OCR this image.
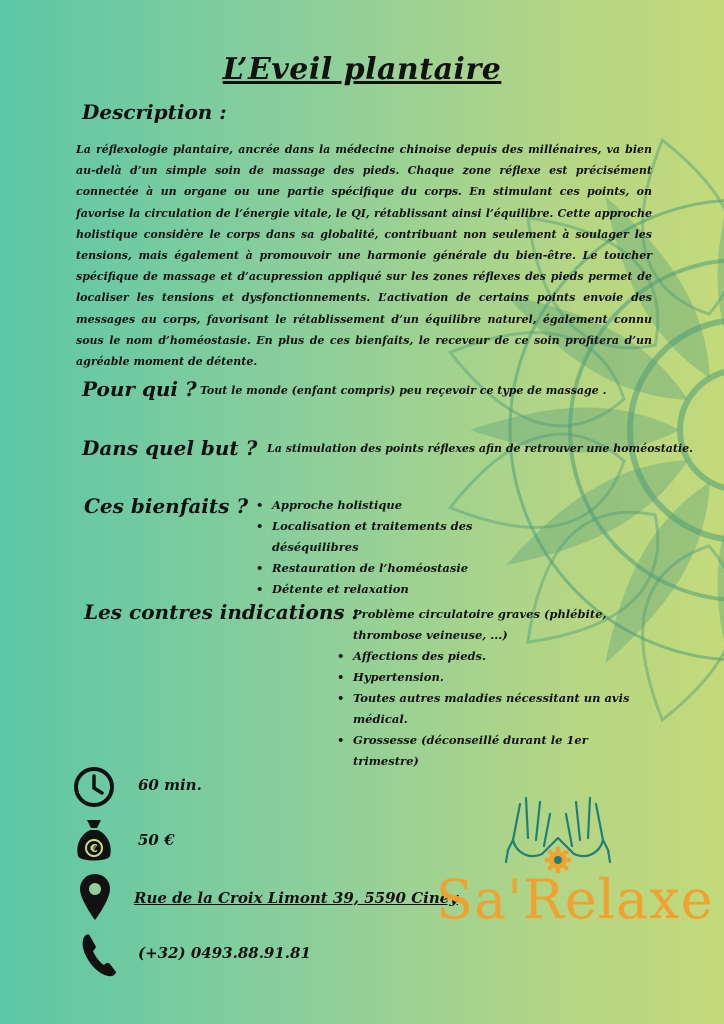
L’Eveil plantaire
Description :
La réflexologie plantaire, ancrée dans la médecine chinoise depuis des millénaires, va bien au-delà d’un simple soin de massage des pieds. Chaque zone réflexe est précisément connectée à un organe ou une partie spécifique du corps. En stimulant ces points, on favorise la circulation de l’énergie vitale, le QI, rétablissant ainsi l’équilibre. Cette approche holistique considère le corps dans sa globalité, contribuant non seulement à soulager les tensions, mais également à promouvoir une harmonie générale du bien-être. Le toucher spécifique de massage et d’acupression appliqué sur les zones réflexes des pieds permet de localiser les tensions et dysfonctionnements. L’activation de certains points envoie des messages au corps, favorisant le rétablissement d’un équilibre naturel, également connu sous le nom d’homéostasie. En plus de ces bienfaits, le receveur de ce soin profitera d’un agréable moment de détente.
Pour qui ? Tout le monde (enfant compris) peu reçevoir ce type de massage .
Dans quel but ? La stimulation des points réflexes afin de retrouver une homéostatie.
Ces bienfaits ?
•	Approche holistique
• Localisation et traitements des déséquilibres
• Restauration de l’homéostasie
• Détente et relaxation
Les contres indications :
• Problème circulatoire graves (phlébite, thrombose veineuse, ...)
• Affections des pieds.
• Hypertension.
• Toutes autres maladies nécessitant un avis médical.
• Grossesse (déconseillé durant le 1er trimestre)
60 min.
€	50 €
Rue de la Croix Limont 39, 5590 Ciney
(+32) 0493.88.91.81
Sa'Relaxe
